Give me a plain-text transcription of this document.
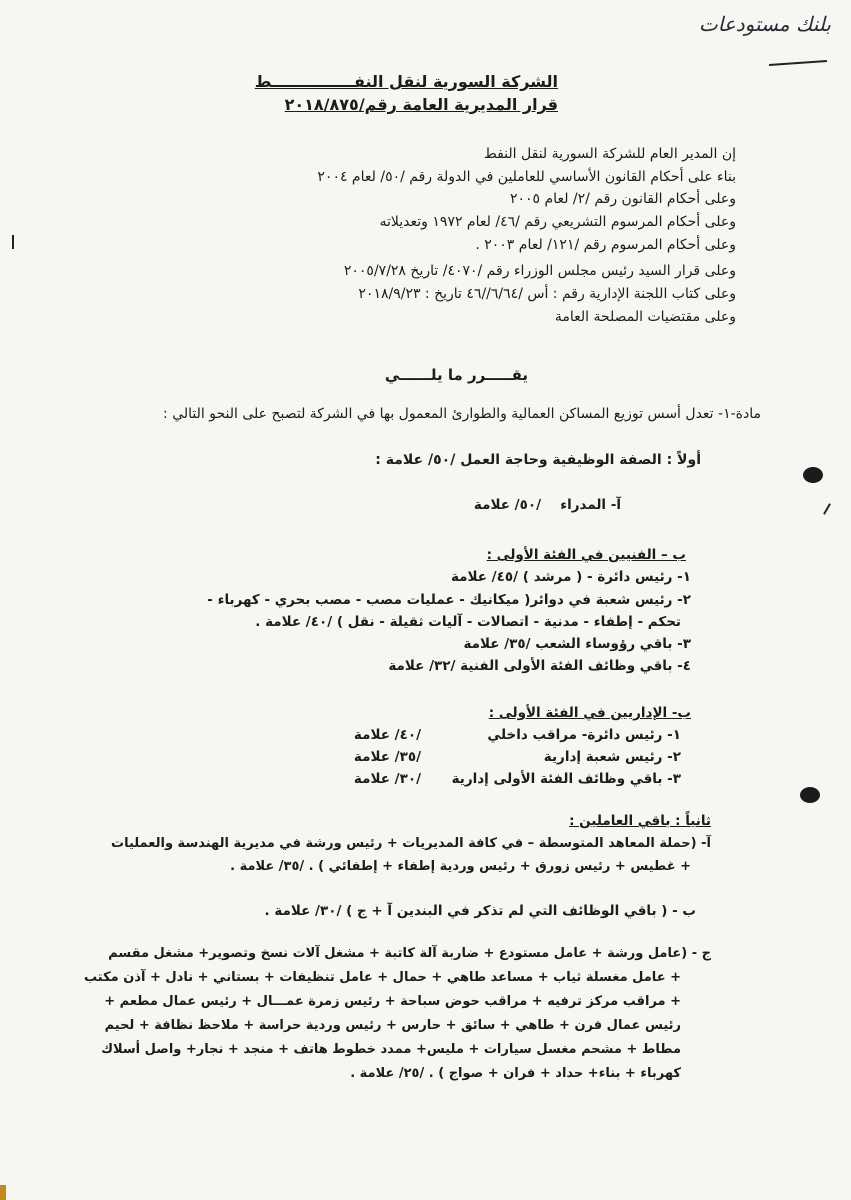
بلنك مستودعات
الشركة السورية لنقل النفـــــــــــــــط
قرار المديرية العامة رقم/٢٠١٨/٨٧٥
إن المدير العام للشركة السورية لنقل النفط
بناء على أحكام القانون الأساسي للعاملين في الدولة رقم /٥٠/ لعام ٢٠٠٤
وعلى أحكام القانون رقم /٢/ لعام ٢٠٠٥
وعلى أحكام المرسوم التشريعي رقم /٤٦/ لعام ١٩٧٢ وتعديلاته
وعلى أحكام المرسوم رقم /١٢١/ لعام ٢٠٠٣ .
وعلى قرار السيد رئيس مجلس الوزراء رقم /٤٠٧٠/ تاريخ ٢٠٠٥/٧/٢٨
وعلى كتاب اللجنة الإدارية رقم : أ‌س /٦/٦٤//٤٦ تاريخ : ٢٠١٨/٩/٢٣
وعلى مقتضيات المصلحة العامة
يقـــــرر ما يلــــــي
مادة-١- تعدل أسس توزيع المساكن العمالية والطوارئ المعمول بها في الشركة لتصبح على النحو التالي :
أولاً : الصفة الوظيفية وحاجة العمل /٥٠/ علامة :
آ- المدراء
/٥٠/ علامة
ب – الفنيين في الفئة الأولى :
١- رئيس دائرة - ( مرشد ) /٤٥/ علامة
٢- رئيس شعبة في دوائر( ميكانيك - عمليات مصب - مصب بحري - كهرباء -
تحكم - إطفاء - مدنية - اتصالات - آليات ثقيلة - نقل ) /٤٠/ علامة .
٣- باقي رؤوساء الشعب /٣٥/ علامة
٤- باقي وظائف الفئة الأولى الفنية /٣٢/ علامة
ب- الإداريين في الفئة الأولى :
١- رئيس دائرة- مراقب داخلي
/٤٠/ علامة
٢- رئيس شعبة إدارية
/٣٥/ علامة
٣- باقي وظائف الفئة الأولى إدارية
/٣٠/ علامة
ثانياً : باقي العاملين :
آ- (حملة المعاهد المتوسطة – في كافة المديريات + رئيس ورشة في مديرية الهندسة والعمليات
+ غطيس + رئيس زورق + رئيس وردية إطفاء + إطفائي ) . /٣٥/ علامة .
ب - ( باقي الوظائف التي لم تذكر في البندين آ + ج ) /٣٠/ علامة .
ج - (عامل ورشة + عامل مستودع + ضاربة آلة كاتبة + مشغل آلات نسخ وتصوير+ مشغل مقسم
+ عامل مغسلة ثياب + مساعد طاهي + حمال + عامل تنظيفات + بستاني + نادل + آذن مكتب
+ مراقب مركز ترفيه + مراقب حوض سباحة + رئيس زمرة عمـــال + رئيس عمال مطعم +
رئيس عمال فرن + طاهي + سائق + حارس + رئيس وردية حراسة + ملاحظ نظافة + لحيم
مطاط + مشحم مغسل سيارات + مليس+ ممدد خطوط هاتف + منجد + نجار+ واصل أسلاك
كهرباء + بناء+ حداد + فران + صواج ) . /٢٥/ علامة .
